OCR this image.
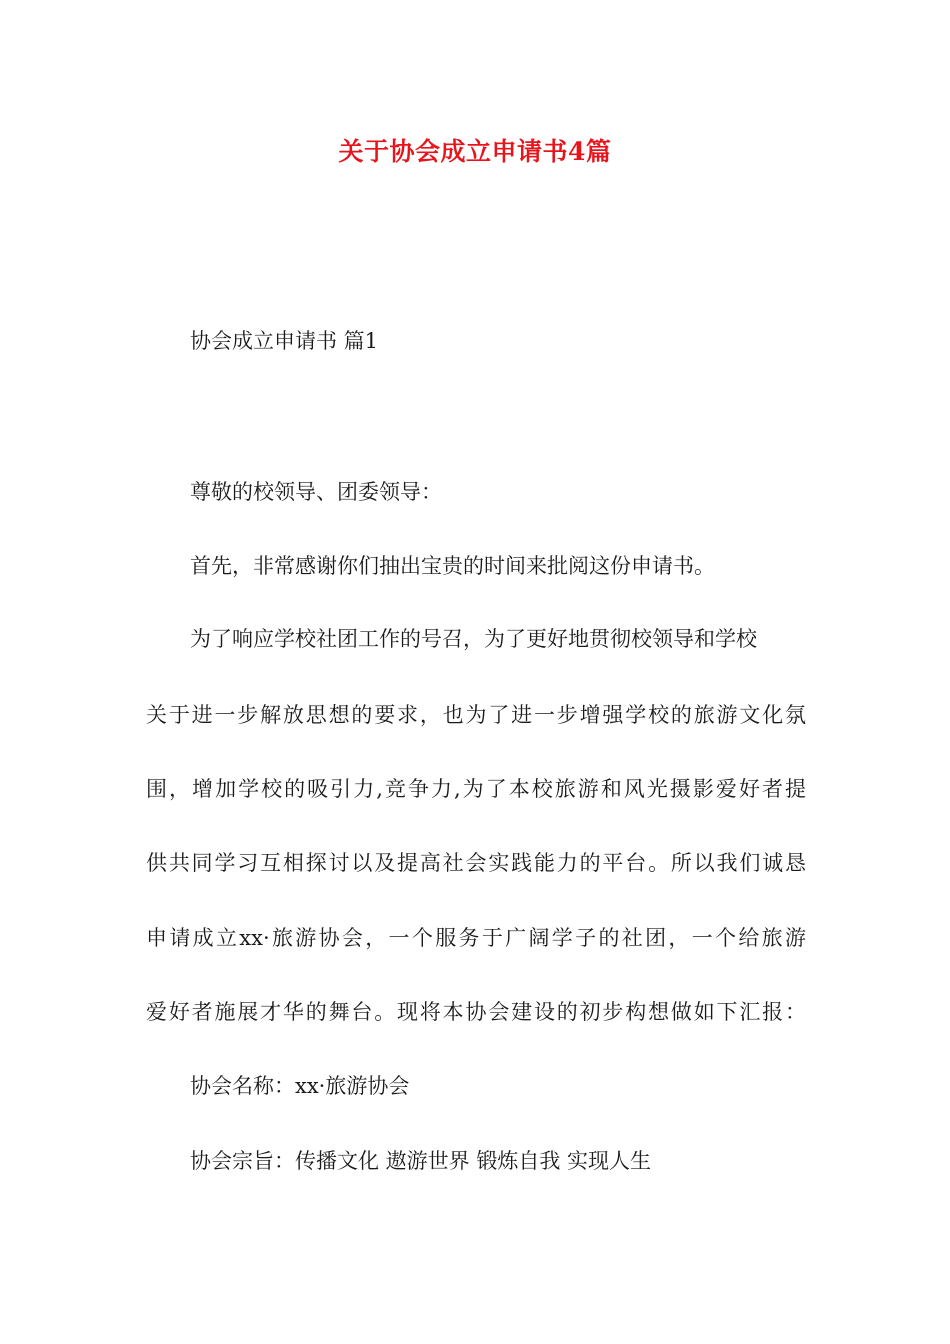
关于协会成立申请书4篇
协会成立申请书 篇1
尊敬的校领导、团委领导：
首先，非常感谢你们抽出宝贵的时间来批阅这份申请书。
为了响应学校社团工作的号召，为了更好地贯彻校领导和学校
关于进一步解放思想的要求，也为了进一步增强学校的旅游文化氛
围，增加学校的吸引力,竞争力,为了本校旅游和风光摄影爱好者提
供共同学习互相探讨以及提高社会实践能力的平台。所以我们诚恳
申请成立xx·旅游协会，一个服务于广阔学子的社团，一个给旅游
爱好者施展才华的舞台。现将本协会建设的初步构想做如下汇报：
协会名称：xx·旅游协会
协会宗旨：传播文化 遨游世界 锻炼自我 实现人生
